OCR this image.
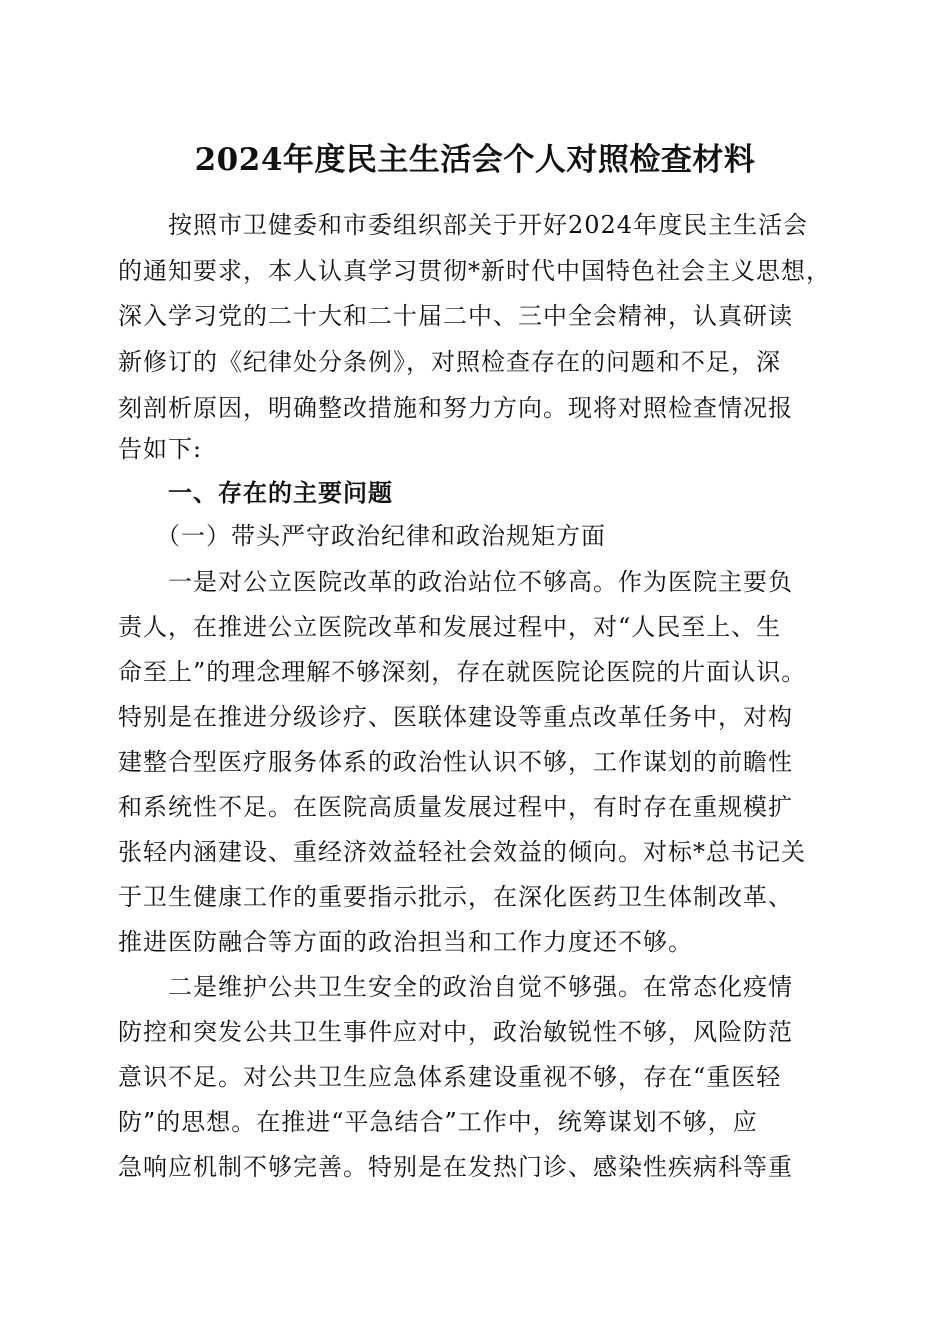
2024年度民主生活会个人对照检查材料
　　按照市卫健委和市委组织部关于开好2024年度民主生活会
的通知要求，本人认真学习贯彻*新时代中国特色社会主义思想，
深入学习党的二十大和二十届二中、三中全会精神，认真研读
新修订的《纪律处分条例》，对照检查存在的问题和不足，深
刻剖析原因，明确整改措施和努力方向。现将对照检查情况报
告如下:
　　一、存在的主要问题
　　（一）带头严守政治纪律和政治规矩方面
　　一是对公立医院改革的政治站位不够高。作为医院主要负
责人，在推进公立医院改革和发展过程中，对“人民至上、生
命至上”的理念理解不够深刻，存在就医院论医院的片面认识。
特别是在推进分级诊疗、医联体建设等重点改革任务中，对构
建整合型医疗服务体系的政治性认识不够，工作谋划的前瞻性
和系统性不足。在医院高质量发展过程中，有时存在重规模扩
张轻内涵建设、重经济效益轻社会效益的倾向。对标*总书记关
于卫生健康工作的重要指示批示，在深化医药卫生体制改革、
推进医防融合等方面的政治担当和工作力度还不够。
　　二是维护公共卫生安全的政治自觉不够强。在常态化疫情
防控和突发公共卫生事件应对中，政治敏锐性不够，风险防范
意识不足。对公共卫生应急体系建设重视不够，存在“重医轻
防”的思想。在推进“平急结合”工作中，统筹谋划不够，应
急响应机制不够完善。特别是在发热门诊、感染性疾病科等重
